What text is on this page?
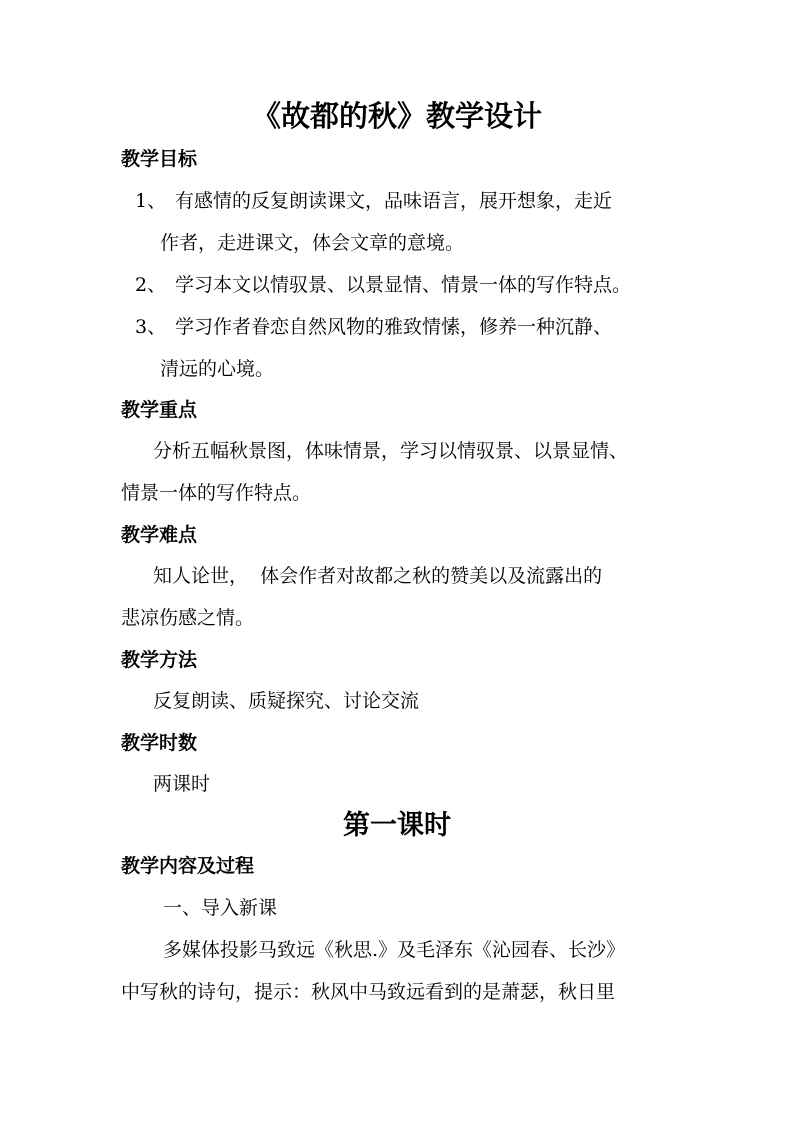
《故都的秋》教学设计
教学目标
1、 有感情的反复朗读课文，品味语言，展开想象，走近
作者，走进课文，体会文章的意境。
2、 学习本文以情驭景、以景显情、情景一体的写作特点。
3、 学习作者眷恋自然风物的雅致情愫，修养一种沉静、
清远的心境。
教学重点
分析五幅秋景图，体味情景，学习以情驭景、以景显情、
情景一体的写作特点。
教学难点
知人论世，  体会作者对故都之秋的赞美以及流露出的
悲凉伤感之情。
教学方法
反复朗读、质疑探究、讨论交流
教学时数
两课时
第一课时
教学内容及过程
一、导入新课
多媒体投影马致远《秋思.》及毛泽东《沁园春、长沙》
中写秋的诗句，提示：秋风中马致远看到的是萧瑟，秋日里
